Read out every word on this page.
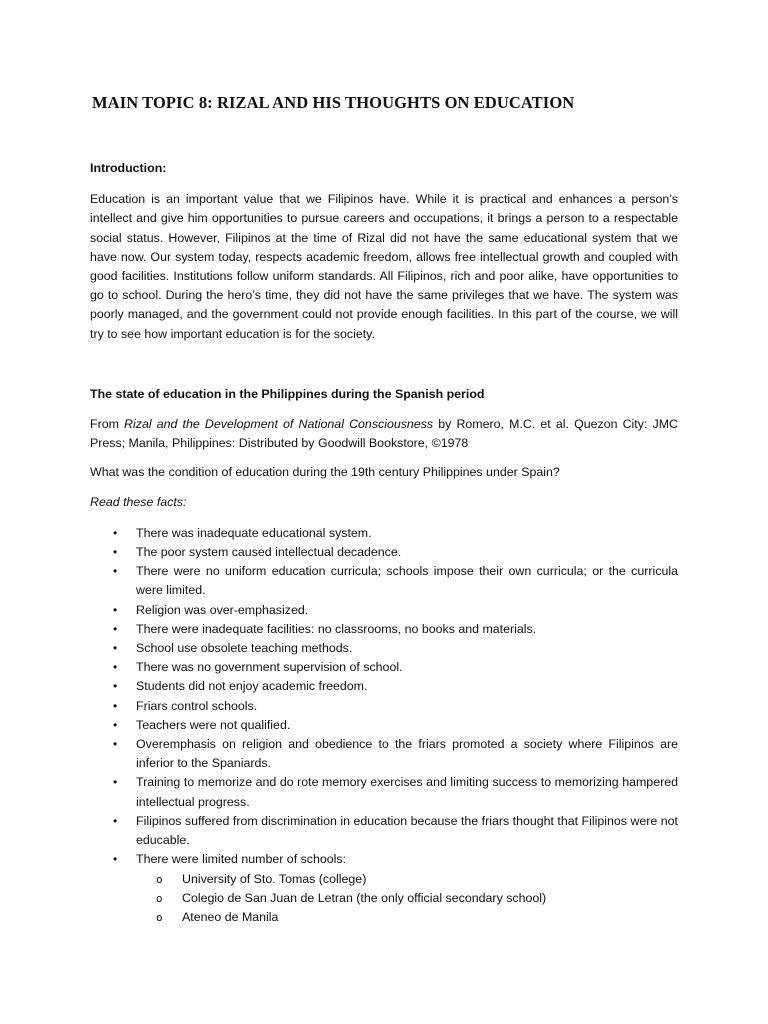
MAIN TOPIC 8: RIZAL AND HIS THOUGHTS ON EDUCATION

Introduction:

Education is an important value that we Filipinos have. While it is practical and enhances a person’s intellect and give him opportunities to pursue careers and occupations, it brings a person to a respectable social status. However, Filipinos at the time of Rizal did not have the same educational system that we have now. Our system today, respects academic freedom, allows free intellectual growth and coupled with good facilities. Institutions follow uniform standards. All Filipinos, rich and poor alike, have opportunities to go to school. During the hero’s time, they did not have the same privileges that we have. The system was poorly managed, and the government could not provide enough facilities. In this part of the course, we will try to see how important education is for the society.

The state of education in the Philippines during the Spanish period

From Rizal and the Development of National Consciousness by Romero, M.C. et al. Quezon City: JMC Press; Manila, Philippines: Distributed by Goodwill Bookstore, ©1978

What was the condition of education during the 19th century Philippines under Spain?

Read these facts:

• There was inadequate educational system.
• The poor system caused intellectual decadence.
• There were no uniform education curricula; schools impose their own curricula; or the curricula were limited.
• Religion was over-emphasized.
• There were inadequate facilities: no classrooms, no books and materials.
• School use obsolete teaching methods.
• There was no government supervision of school.
• Students did not enjoy academic freedom.
• Friars control schools.
• Teachers were not qualified.
• Overemphasis on religion and obedience to the friars promoted a society where Filipinos are inferior to the Spaniards.
• Training to memorize and do rote memory exercises and limiting success to memorizing hampered intellectual progress.
• Filipinos suffered from discrimination in education because the friars thought that Filipinos were not educable.
• There were limited number of schools:
o University of Sto. Tomas (college)
o Colegio de San Juan de Letran (the only official secondary school)
o Ateneo de Manila
